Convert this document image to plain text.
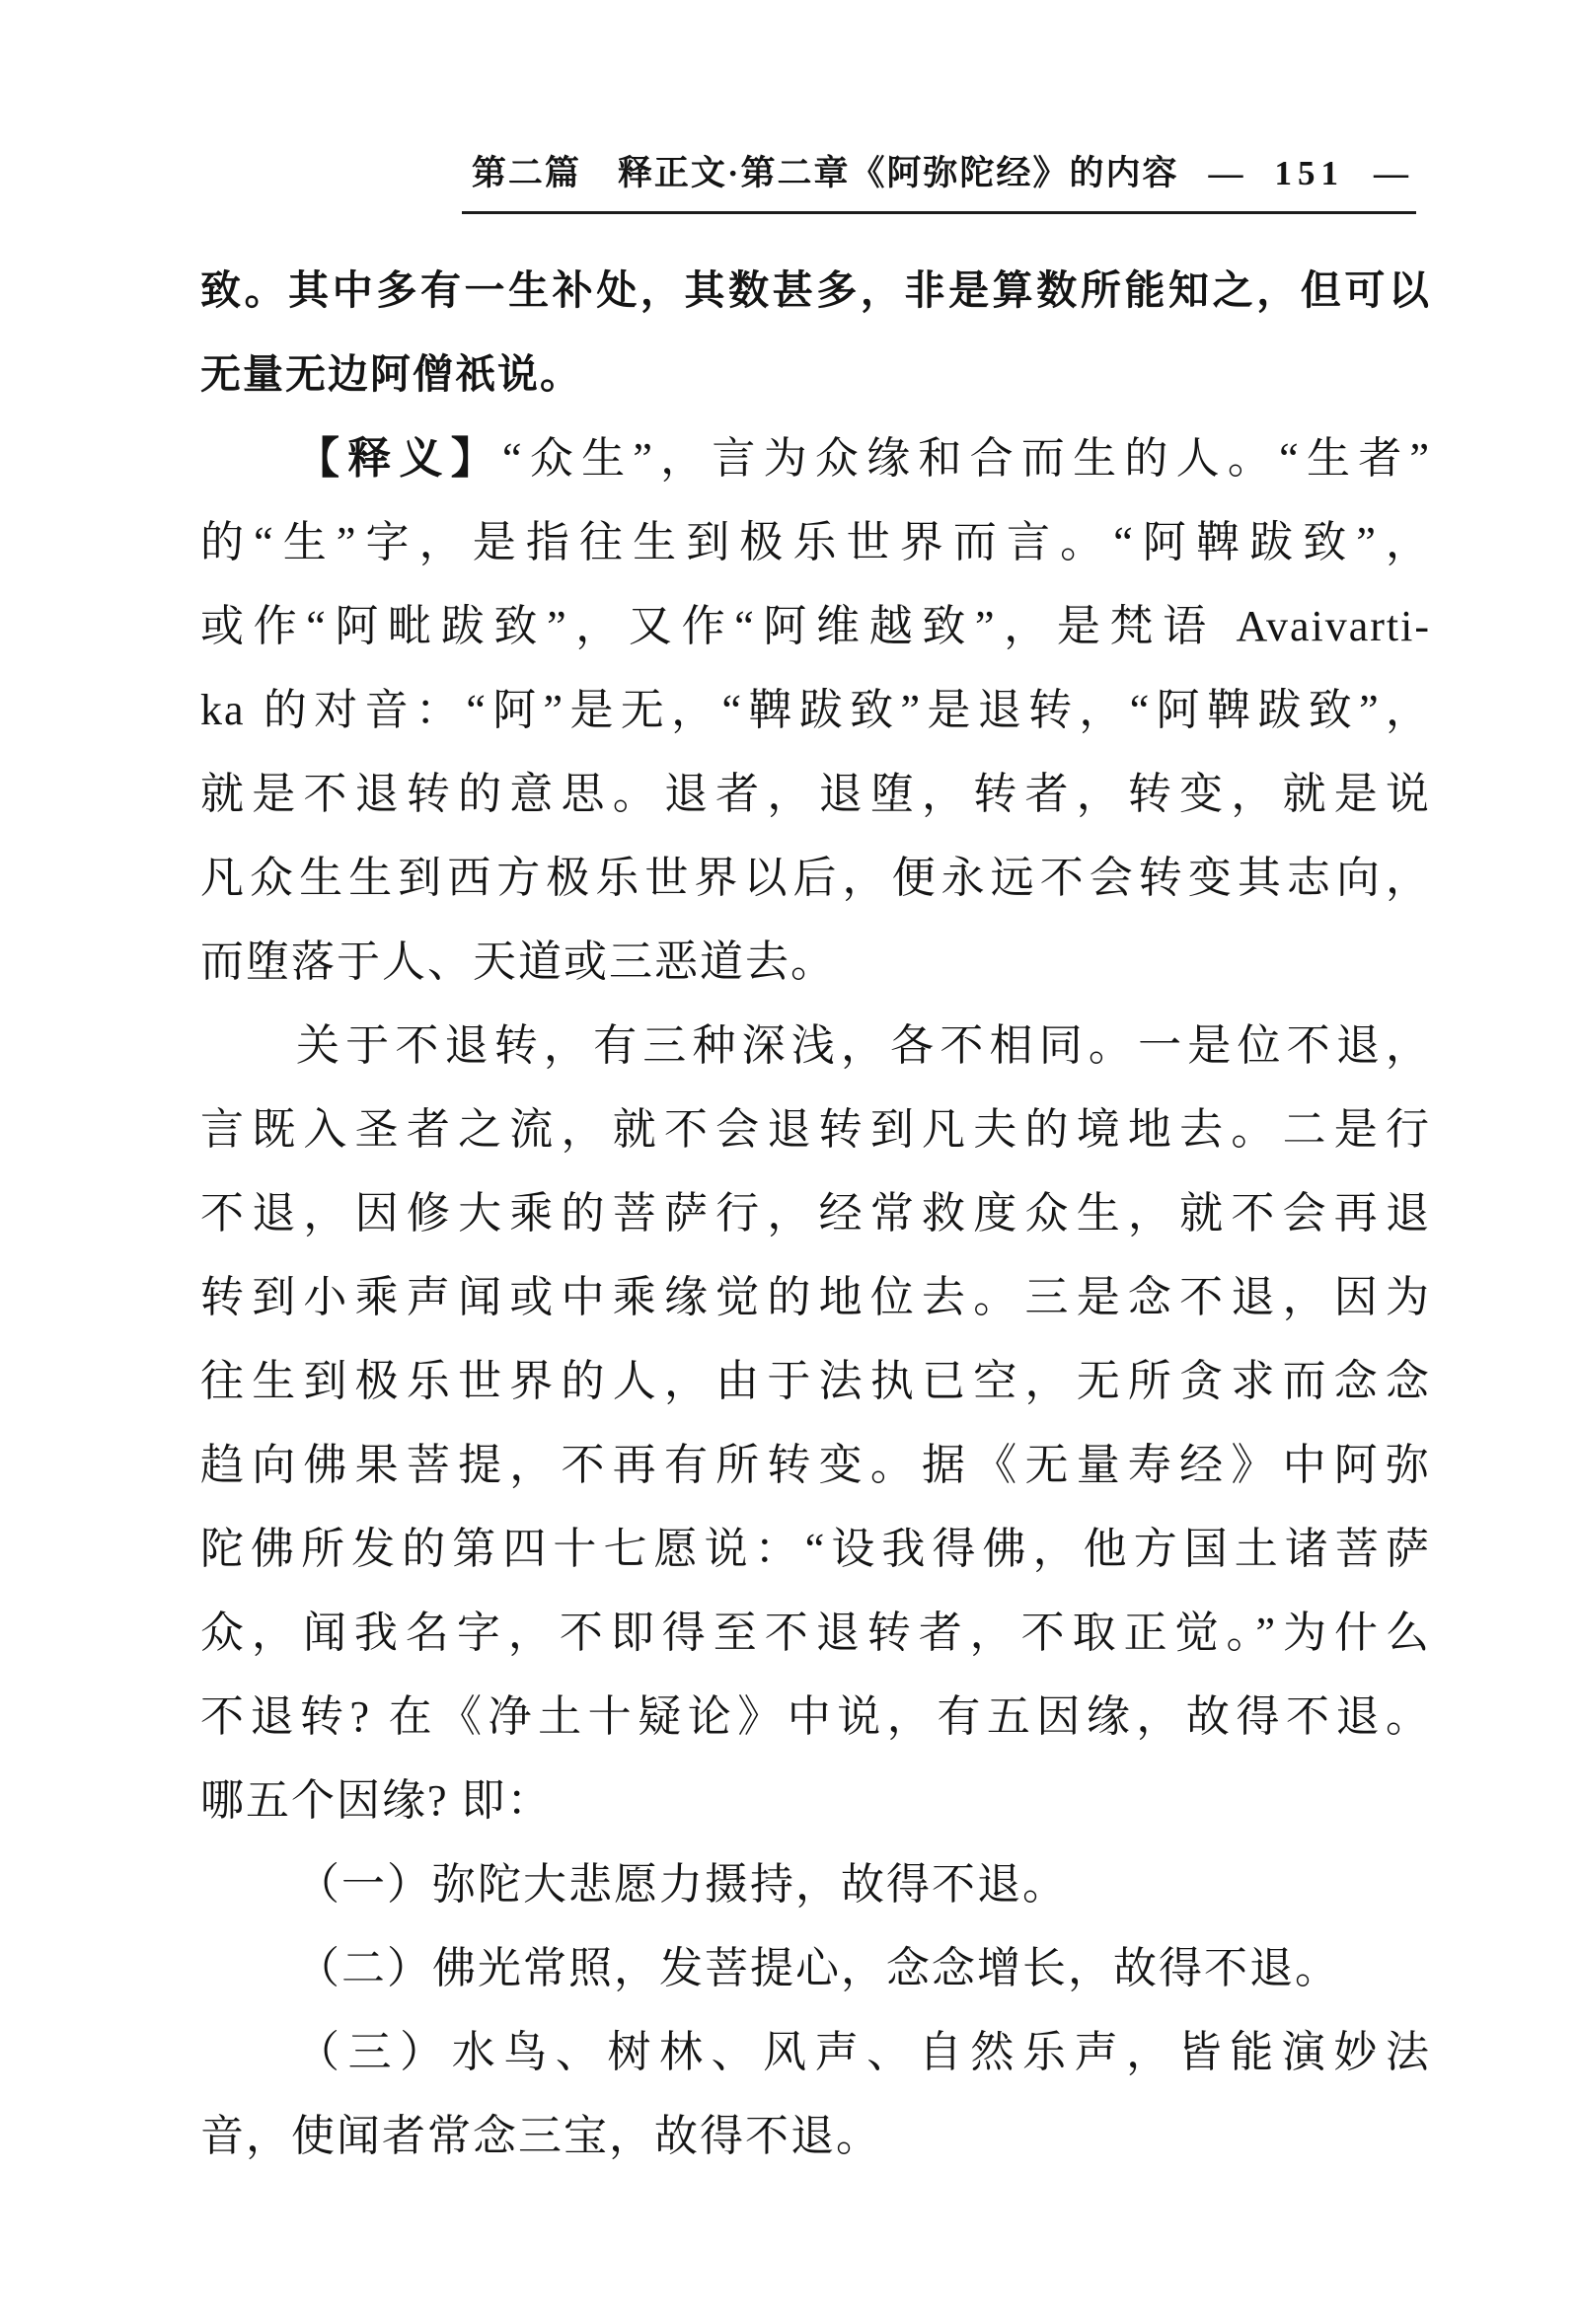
第二篇　释正文·第二章《阿弥陀经》的内容 — 151 —
致。其中多有一生补处，其数甚多，非是算数所能知之，但可以
无量无边阿僧祇说。
【释义】“众生”，言为众缘和合而生的人。“生者”
的“生”字，是指往生到极乐世界而言。“阿鞞跋致”，
或作“阿毗跋致”，又作“阿维越致”，是梵语 Avaivarti-
ka 的对音：“阿”是无，“鞞跋致”是退转，“阿鞞跋致”，
就是不退转的意思。退者，退堕，转者，转变，就是说
凡众生生到西方极乐世界以后，便永远不会转变其志向，
而堕落于人、天道或三恶道去。
关于不退转，有三种深浅，各不相同。一是位不退，
言既入圣者之流，就不会退转到凡夫的境地去。二是行
不退，因修大乘的菩萨行，经常救度众生，就不会再退
转到小乘声闻或中乘缘觉的地位去。三是念不退，因为
往生到极乐世界的人，由于法执已空，无所贪求而念念
趋向佛果菩提，不再有所转变。据《无量寿经》中阿弥
陀佛所发的第四十七愿说：“设我得佛，他方国土诸菩萨
众，闻我名字，不即得至不退转者，不取正觉。”为什么
不退转? 在《净土十疑论》中说，有五因缘，故得不退。
哪五个因缘? 即：
（一）弥陀大悲愿力摄持，故得不退。
（二）佛光常照，发菩提心，念念增长，故得不退。
（三）水鸟、树林、风声、自然乐声，皆能演妙法
音，使闻者常念三宝，故得不退。
